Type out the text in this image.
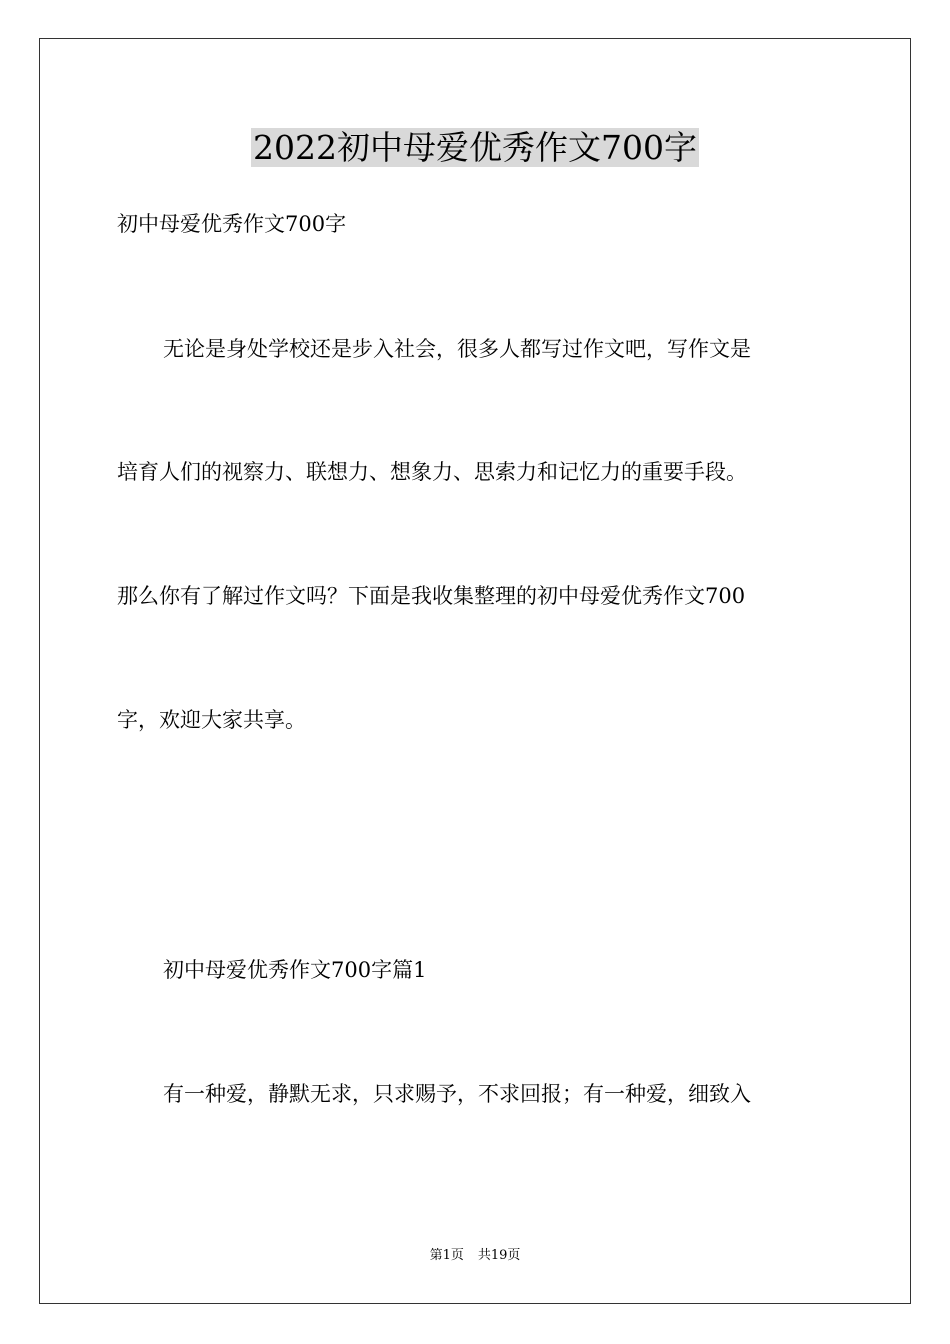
2022初中母爱优秀作文700字

初中母爱优秀作文700字

无论是身处学校还是步入社会，很多人都写过作文吧，写作文是

培育人们的视察力、联想力、想象力、思索力和记忆力的重要手段。

那么你有了解过作文吗？下面是我收集整理的初中母爱优秀作文700

字，欢迎大家共享。

初中母爱优秀作文700字篇1

有一种爱，静默无求，只求赐予，不求回报；有一种爱，细致入

第1页 共19页
